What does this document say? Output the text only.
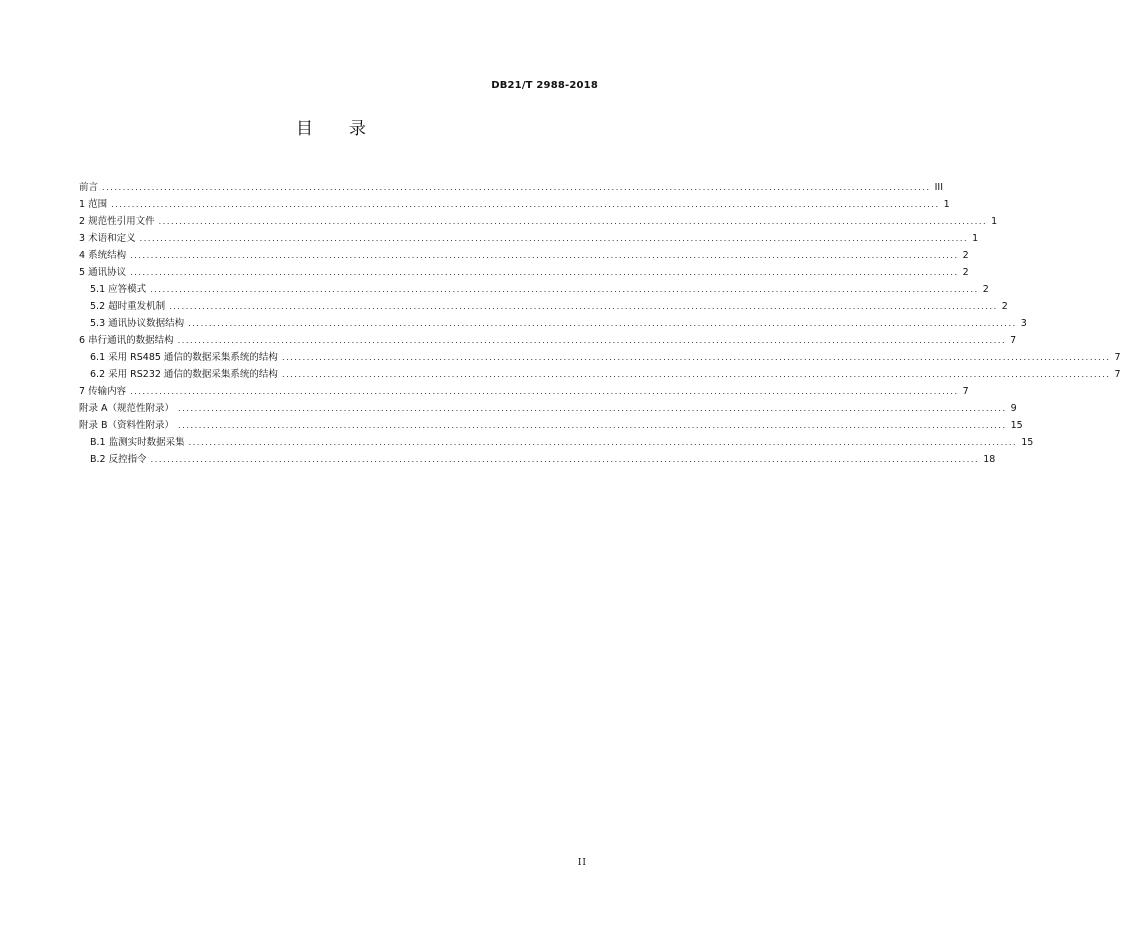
DB21/T 2988-2018
目 录
前言 ........................................................................................................................................................................................................ III
1 范围 ........................................................................................................................................................................................................ 1
2 规范性引用文件 ........................................................................................................................................................................................................ 1
3 术语和定义 ........................................................................................................................................................................................................ 1
4 系统结构 ........................................................................................................................................................................................................ 2
5 通讯协议 ........................................................................................................................................................................................................ 2
5.1 应答模式 ........................................................................................................................................................................................................ 2
5.2 超时重发机制 ........................................................................................................................................................................................................ 2
5.3 通讯协议数据结构 ........................................................................................................................................................................................................ 3
6 串行通讯的数据结构 ........................................................................................................................................................................................................ 7
6.1 采用 RS485 通信的数据采集系统的结构 ........................................................................................................................................................................................................ 7
6.2 采用 RS232 通信的数据采集系统的结构 ........................................................................................................................................................................................................ 7
7 传输内容 ........................................................................................................................................................................................................ 7
附录 A（规范性附录） ........................................................................................................................................................................................................ 9
附录 B（资料性附录） ........................................................................................................................................................................................................ 15
B.1 监测实时数据采集 ........................................................................................................................................................................................................ 15
B.2 反控指令 ........................................................................................................................................................................................................ 18
II
